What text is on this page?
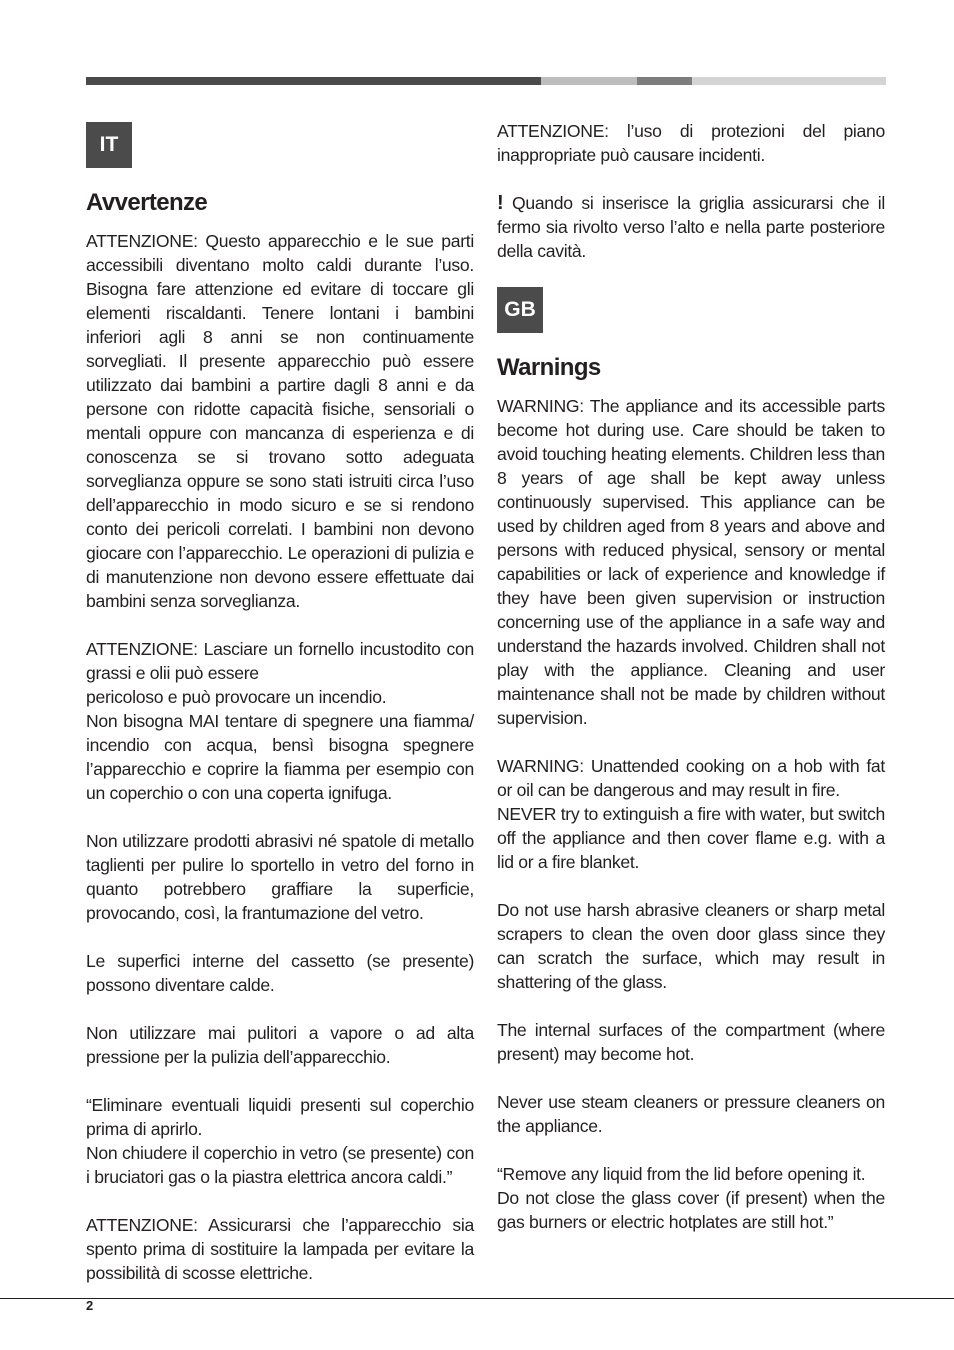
IT
Avvertenze

ATTENZIONE: Questo apparecchio e le sue parti accessibili diventano molto caldi durante l’uso. Bisogna fare attenzione ed evitare di toccare gli elementi riscaldanti. Tenere lontani i bambini inferiori agli 8 anni se non continuamente sorvegliati. Il presente apparecchio può essere utilizzato dai bambini a partire dagli 8 anni e da persone con ridotte capacità fisiche, sensoriali o mentali oppure con mancanza di esperienza e di conoscenza se si trovano sotto adeguata sorveglianza oppure se sono stati istruiti circa l’uso dell’apparecchio in modo sicuro e se si rendono conto dei pericoli correlati. I bambini non devono giocare con l’apparecchio. Le operazioni di pulizia e di manutenzione non devono essere effettuate dai bambini senza sorveglianza.

ATTENZIONE: Lasciare un fornello incustodito con grassi e olii può essere
pericoloso e può provocare un incendio.
Non bisogna MAI tentare di spegnere una fiamma/ incendio con acqua, bensì bisogna spegnere l’apparecchio e coprire la fiamma per esempio con un coperchio o con una coperta ignifuga.

Non utilizzare prodotti abrasivi né spatole di metallo taglienti per pulire lo sportello in vetro del forno in quanto potrebbero graffiare la superficie, provocando, così, la frantumazione del vetro.

Le superfici interne del cassetto (se presente) possono diventare calde.

Non utilizzare mai pulitori a vapore o ad alta pressione per la pulizia dell’apparecchio.

“Eliminare eventuali liquidi presenti sul coperchio prima di aprirlo.
Non chiudere il coperchio in vetro (se presente) con i bruciatori gas o la piastra elettrica ancora caldi.”

ATTENZIONE: Assicurarsi che l’apparecchio sia spento prima di sostituire la lampada per evitare la possibilità di scosse elettriche.

ATTENZIONE: l’uso di protezioni del piano inappropriate può causare incidenti.

! Quando si inserisce la griglia assicurarsi che il fermo sia rivolto verso l’alto e nella parte posteriore della cavità.

GB
Warnings

WARNING: The appliance and its accessible parts become hot during use. Care should be taken to avoid touching heating elements. Children less than 8 years of age shall be kept away unless continuously supervised. This appliance can be used by children aged from 8 years and above and persons with reduced physical, sensory or mental capabilities or lack of experience and knowledge if they have been given supervision or instruction concerning use of the appliance in a safe way and understand the hazards involved. Children shall not play with the appliance. Cleaning and user maintenance shall not be made by children without supervision.

WARNING: Unattended cooking on a hob with fat or oil can be dangerous and may result in fire.
NEVER try to extinguish a fire with water, but switch off the appliance and then cover flame e.g. with a lid or a fire blanket.

Do not use harsh abrasive cleaners or sharp metal scrapers to clean the oven door glass since they can scratch the surface, which may result in shattering of the glass.

The internal surfaces of the compartment (where present) may become hot.

Never use steam cleaners or pressure cleaners on the appliance.

“Remove any liquid from the lid before opening it.
Do not close the glass cover (if present) when the gas burners or electric hotplates are still hot.”

2
